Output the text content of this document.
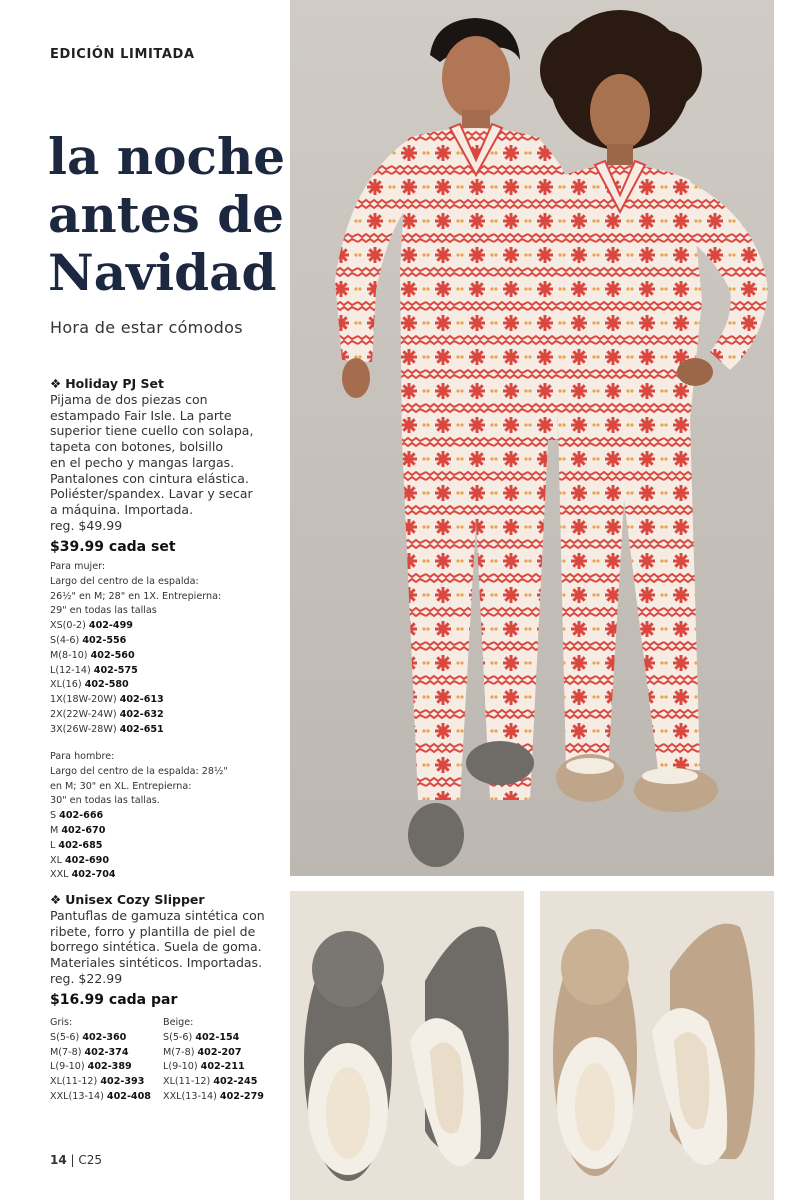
EDICIÓN LIMITADA
la noche
antes de
Navidad
Hora de estar cómodos
❖ Holiday PJ Set
Pijama de dos piezas con
estampado Fair Isle. La parte
superior tiene cuello con solapa,
tapeta con botones, bolsillo
en el pecho y mangas largas.
Pantalones con cintura elástica.
Poliéster/spandex. Lavar y secar
a máquina. Importada.
reg. $49.99
$39.99 cada set
Para mujer:
Largo del centro de la espalda:
26½" en M; 28" en 1X. Entrepierna:
29" en todas las tallas
XS(0-2) 402-499
S(4-6) 402-556
M(8-10) 402-560
L(12-14) 402-575
XL(16) 402-580
1X(18W-20W) 402-613
2X(22W-24W) 402-632
3X(26W-28W) 402-651
Para hombre:
Largo del centro de la espalda: 28½"
en M; 30" en XL. Entrepierna:
30" en todas las tallas.
S 402-666
M 402-670
L 402-685
XL 402-690
XXL 402-704
❖ Unisex Cozy Slipper
Pantuflas de gamuza sintética con
ribete, forro y plantilla de piel de
borrego sintética. Suela de goma.
Materiales sintéticos. Importadas.
reg. $22.99
$16.99 cada par
Gris:
S(5-6) 402-360
M(7-8) 402-374
L(9-10) 402-389
XL(11-12) 402-393
XXL(13-14) 402-408
Beige:
S(5-6) 402-154
M(7-8) 402-207
L(9-10) 402-211
XL(11-12) 402-245
XXL(13-14) 402-279
14 | C25
